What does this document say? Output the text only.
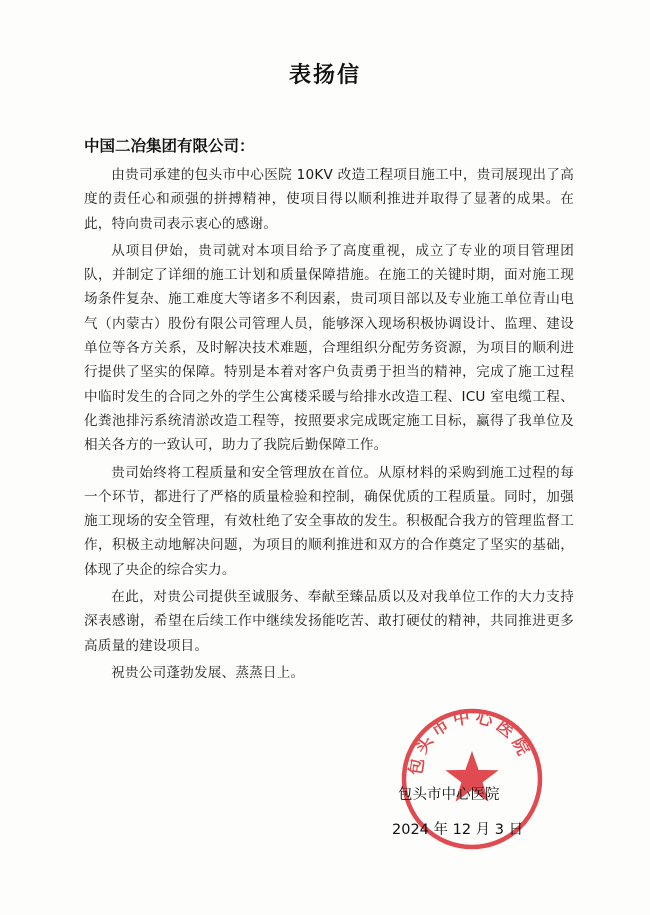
表扬信
中国二冶集团有限公司：

由贵司承建的包头市中心医院 10KV 改造工程项目施工中，贵司展现出了高度的责任心和顽强的拼搏精神，使项目得以顺利推进并取得了显著的成果。在此，特向贵司表示衷心的感谢。

从项目伊始，贵司就对本项目给予了高度重视，成立了专业的项目管理团队，并制定了详细的施工计划和质量保障措施。在施工的关键时期，面对施工现场条件复杂、施工难度大等诸多不利因素，贵司项目部以及专业施工单位青山电气（内蒙古）股份有限公司管理人员，能够深入现场积极协调设计、监理、建设单位等各方关系，及时解决技术难题，合理组织分配劳务资源，为项目的顺利进行提供了坚实的保障。特别是本着对客户负责勇于担当的精神，完成了施工过程中临时发生的合同之外的学生公寓楼采暖与给排水改造工程、ICU 室电缆工程、化粪池排污系统清淤改造工程等，按照要求完成既定施工目标，赢得了我单位及相关各方的一致认可，助力了我院后勤保障工作。

贵司始终将工程质量和安全管理放在首位。从原材料的采购到施工过程的每一个环节，都进行了严格的质量检验和控制，确保优质的工程质量。同时，加强施工现场的安全管理，有效杜绝了安全事故的发生。积极配合我方的管理监督工作，积极主动地解决问题，为项目的顺利推进和双方的合作奠定了坚实的基础，体现了央企的综合实力。

在此，对贵公司提供至诚服务、奉献至臻品质以及对我单位工作的大力支持深表感谢，希望在后续工作中继续发扬能吃苦、敢打硬仗的精神，共同推进更多高质量的建设项目。

祝贵公司蓬勃发展、蒸蒸日上。

包头市中心医院
包头市中心医院
2024 年 12 月 3 日
